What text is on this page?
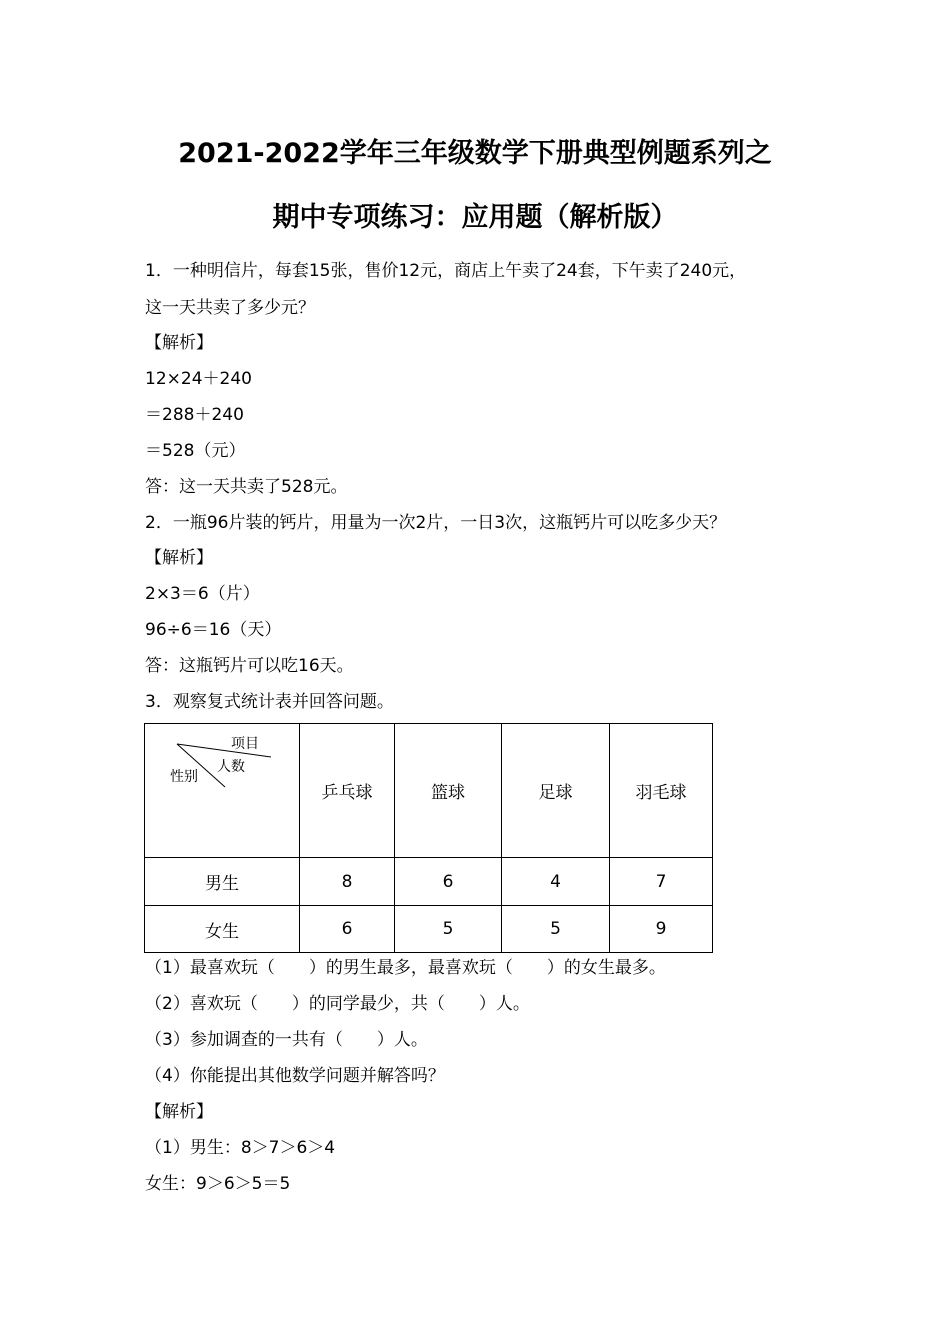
2021-2022学年三年级数学下册典型例题系列之
期中专项练习：应用题（解析版）

1．一种明信片，每套15张，售价12元，商店上午卖了24套，下午卖了240元，

这一天共卖了多少元？

【解析】

12×24＋240

＝288＋240

＝528（元）

答：这一天共卖了528元。

2．一瓶96片装的钙片，用量为一次2片，一日3次，这瓶钙片可以吃多少天？

【解析】

2×3＝6（片）

96÷6＝16（天）

答：这瓶钙片可以吃16天。

3．观察复式统计表并回答问题。

项目
人数
性别	乒乓球	篮球	足球	羽毛球
男生	8	6	4	7
女生	6	5	5	9

（1）最喜欢玩（　　）的男生最多，最喜欢玩（　　）的女生最多。

（2）喜欢玩（　　）的同学最少，共（　　）人。

（3）参加调查的一共有（　　）人。

（4）你能提出其他数学问题并解答吗？

【解析】

（1）男生：8＞7＞6＞4

女生：9＞6＞5＝5
